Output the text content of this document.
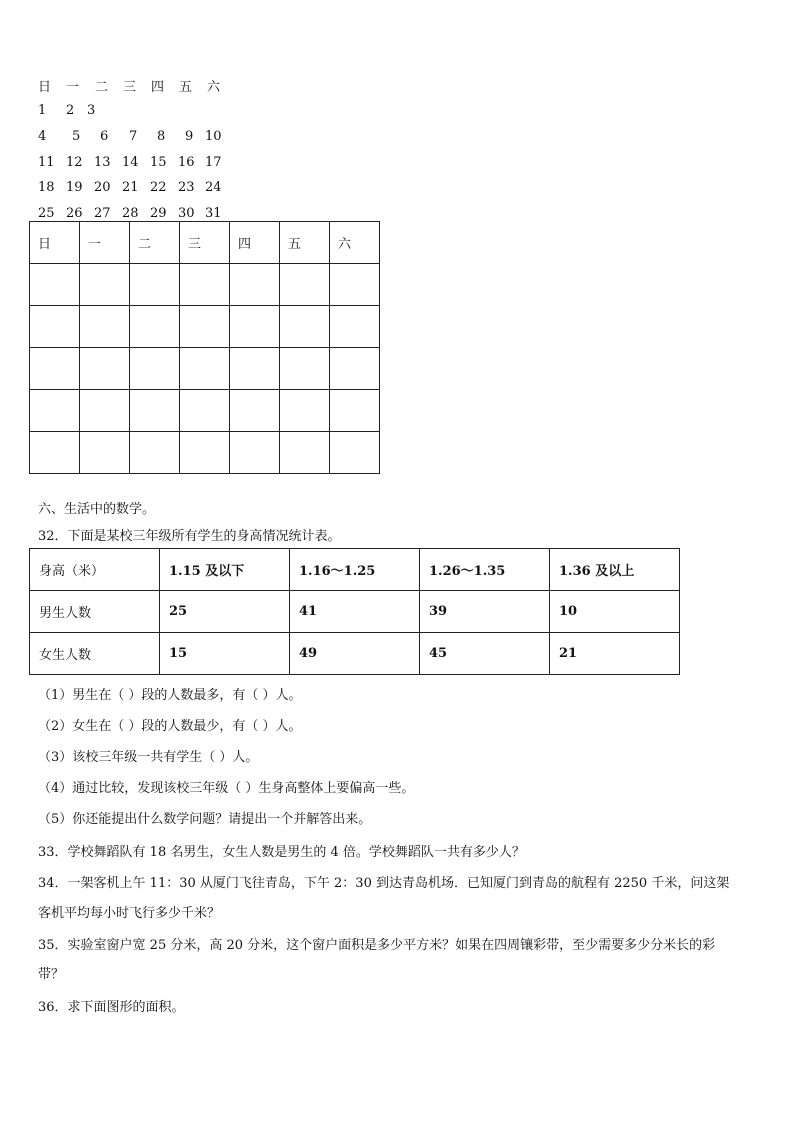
日 一 二 三 四 五 六
1 2 3
4 5 6 7 8 9 10
11 12 13 14 15 16 17
18 19 20 21 22 23 24
25 26 27 28 29 30 31
日	一	二	三	四	五	六

六、生活中的数学。
32．下面是某校三年级所有学生的身高情况统计表。
身高（米）	1.15 及以下	1.16～1.25	1.26～1.35	1.36 及以上
男生人数	25	41	39	10
女生人数	15	49	45	21
（1）男生在（ ）段的人数最多，有（ ）人。
（2）女生在（ ）段的人数最少，有（ ）人。
（3）该校三年级一共有学生（ ）人。
（4）通过比较，发现该校三年级（ ）生身高整体上要偏高一些。
（5）你还能提出什么数学问题？请提出一个并解答出来。
33．学校舞蹈队有 18 名男生，女生人数是男生的 4 倍。学校舞蹈队一共有多少人？
34．一架客机上午 11：30 从厦门飞往青岛，下午 2：30 到达青岛机场．已知厦门到青岛的航程有 2250 千米，问这架
客机平均每小时飞行多少千米？
35．实验室窗户宽 25 分米，高 20 分米，这个窗户面积是多少平方米？如果在四周镶彩带，至少需要多少分米长的彩
带？
36．求下面图形的面积。
